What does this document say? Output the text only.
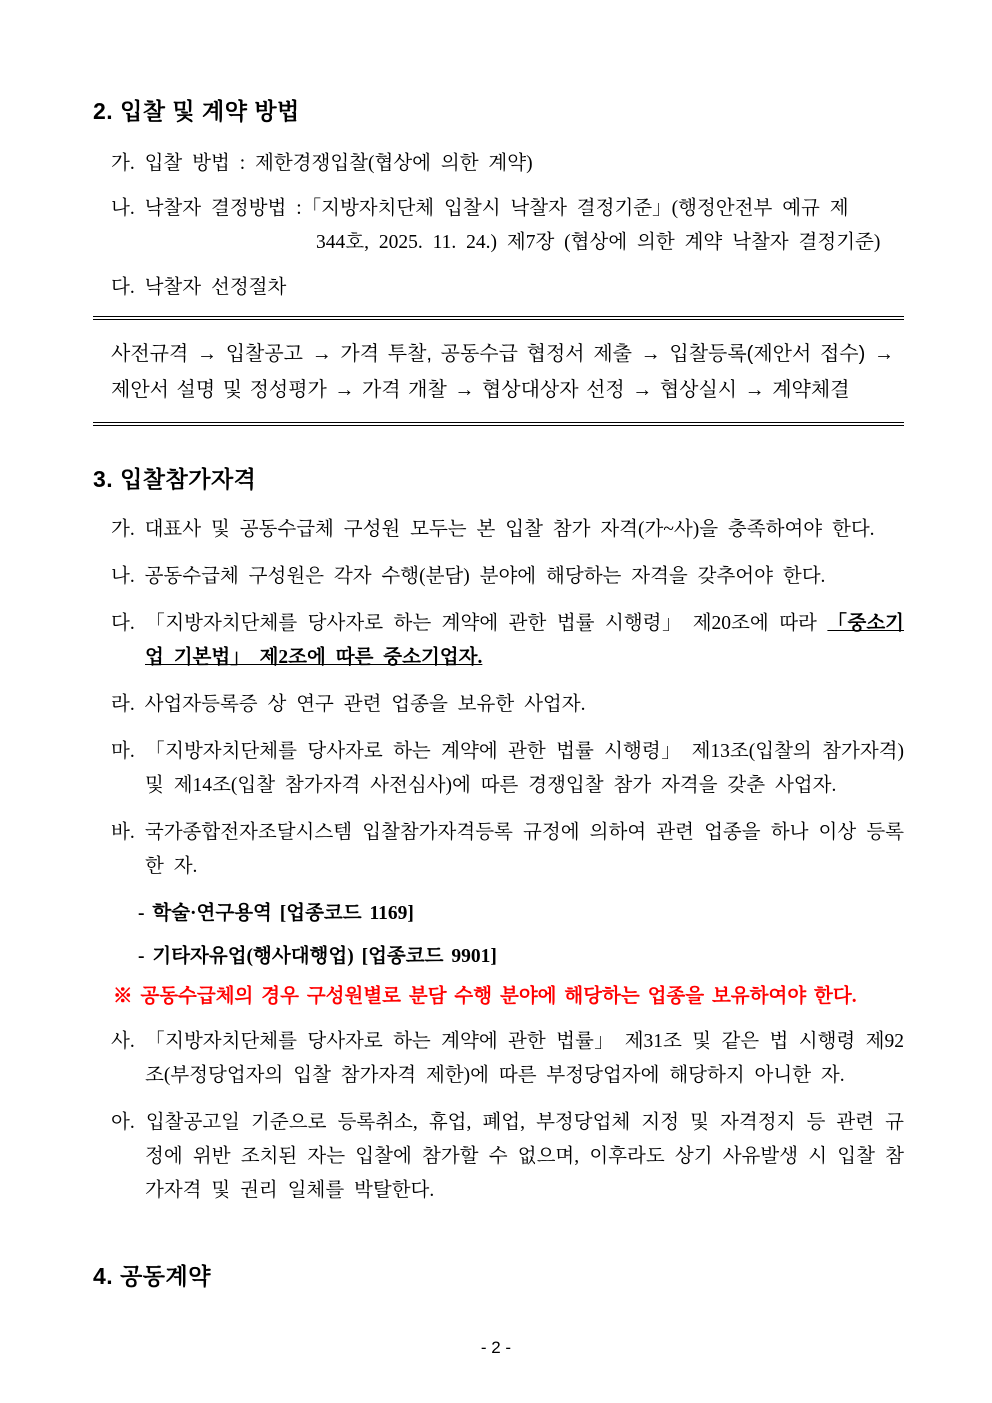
2. 입찰 및 계약 방법

가. 입찰 방법 : 제한경쟁입찰(협상에 의한 계약)

나. 낙찰자 결정방법 :「지방자치단체 입찰시 낙찰자 결정기준」(행정안전부 예규 제
344호, 2025. 11. 24.) 제7장 (협상에 의한 계약 낙찰자 결정기준)

다. 낙찰자 선정절차

사전규격 → 입찰공고 → 가격 투찰, 공동수급 협정서 제출 → 입찰등록(제안서 접수) → 제안서 설명 및 정성평가 → 가격 개찰 → 협상대상자 선정 → 협상실시 → 계약체결
3. 입찰참가자격

가. 대표사 및 공동수급체 구성원 모두는 본 입찰 참가 자격(가~사)을 충족하여야 한다.

나. 공동수급체 구성원은 각자 수행(분담) 분야에 해당하는 자격을 갖추어야 한다.

다. 「지방자치단체를 당사자로 하는 계약에 관한 법률 시행령」 제20조에 따라 「중소기업 기본법」 제2조에 따른 중소기업자.

라. 사업자등록증 상 연구 관련 업종을 보유한 사업자.

마. 「지방자치단체를 당사자로 하는 계약에 관한 법률 시행령」 제13조(입찰의 참가자격) 및 제14조(입찰 참가자격 사전심사)에 따른 경쟁입찰 참가 자격을 갖춘 사업자.

바. 국가종합전자조달시스템 입찰참가자격등록 규정에 의하여 관련 업종을 하나 이상 등록한 자.

- 학술·연구용역 [업종코드 1169]

- 기타자유업(행사대행업) [업종코드 9901]

※ 공동수급체의 경우 구성원별로 분담 수행 분야에 해당하는 업종을 보유하여야 한다.

사. 「지방자치단체를 당사자로 하는 계약에 관한 법률」 제31조 및 같은 법 시행령 제92조(부정당업자의 입찰 참가자격 제한)에 따른 부정당업자에 해당하지 아니한 자.

아. 입찰공고일 기준으로 등록취소, 휴업, 폐업, 부정당업체 지정 및 자격정지 등 관련 규정에 위반 조치된 자는 입찰에 참가할 수 없으며, 이후라도 상기 사유발생 시 입찰 참가자격 및 권리 일체를 박탈한다.

4. 공동계약
- 2 -
